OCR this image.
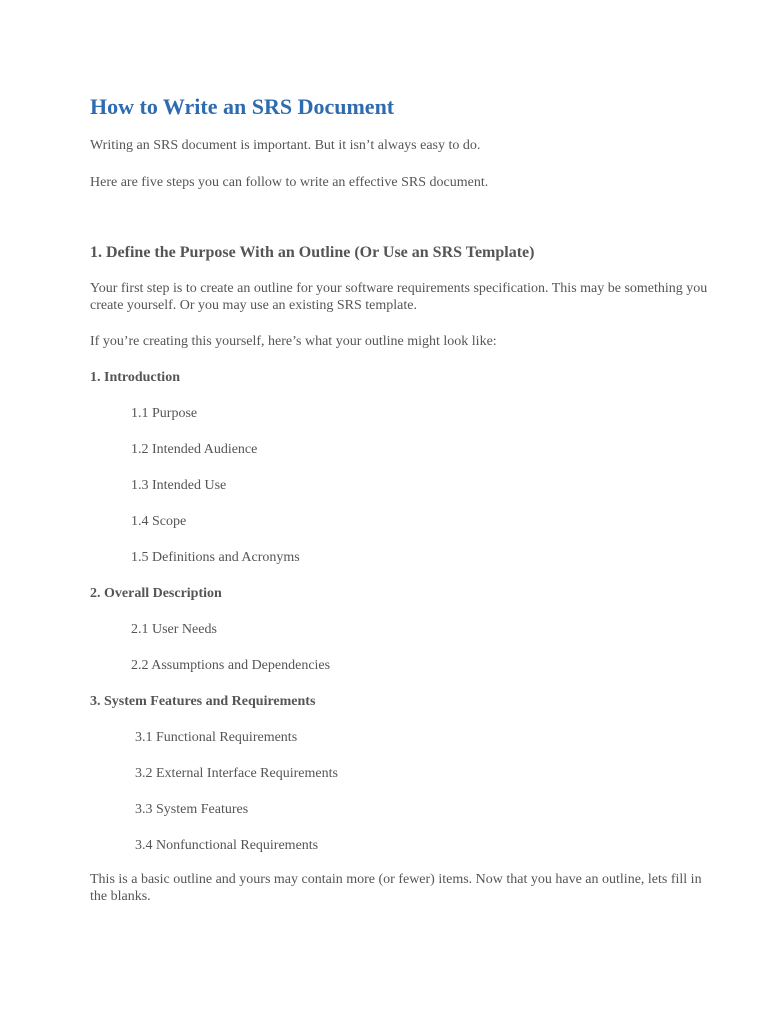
How to Write an SRS Document

Writing an SRS document is important. But it isn’t always easy to do.

Here are five steps you can follow to write an effective SRS document.

1. Define the Purpose With an Outline (Or Use an SRS Template)

Your first step is to create an outline for your software requirements specification. This may be something you create yourself. Or you may use an existing SRS template.

If you’re creating this yourself, here’s what your outline might look like:

1. Introduction
1.1 Purpose
1.2 Intended Audience
1.3 Intended Use
1.4 Scope
1.5 Definitions and Acronyms
2. Overall Description
2.1 User Needs
2.2 Assumptions and Dependencies
3. System Features and Requirements
3.1 Functional Requirements
3.2 External Interface Requirements
3.3 System Features
3.4 Nonfunctional Requirements

This is a basic outline and yours may contain more (or fewer) items. Now that you have an outline, lets fill in the blanks.
